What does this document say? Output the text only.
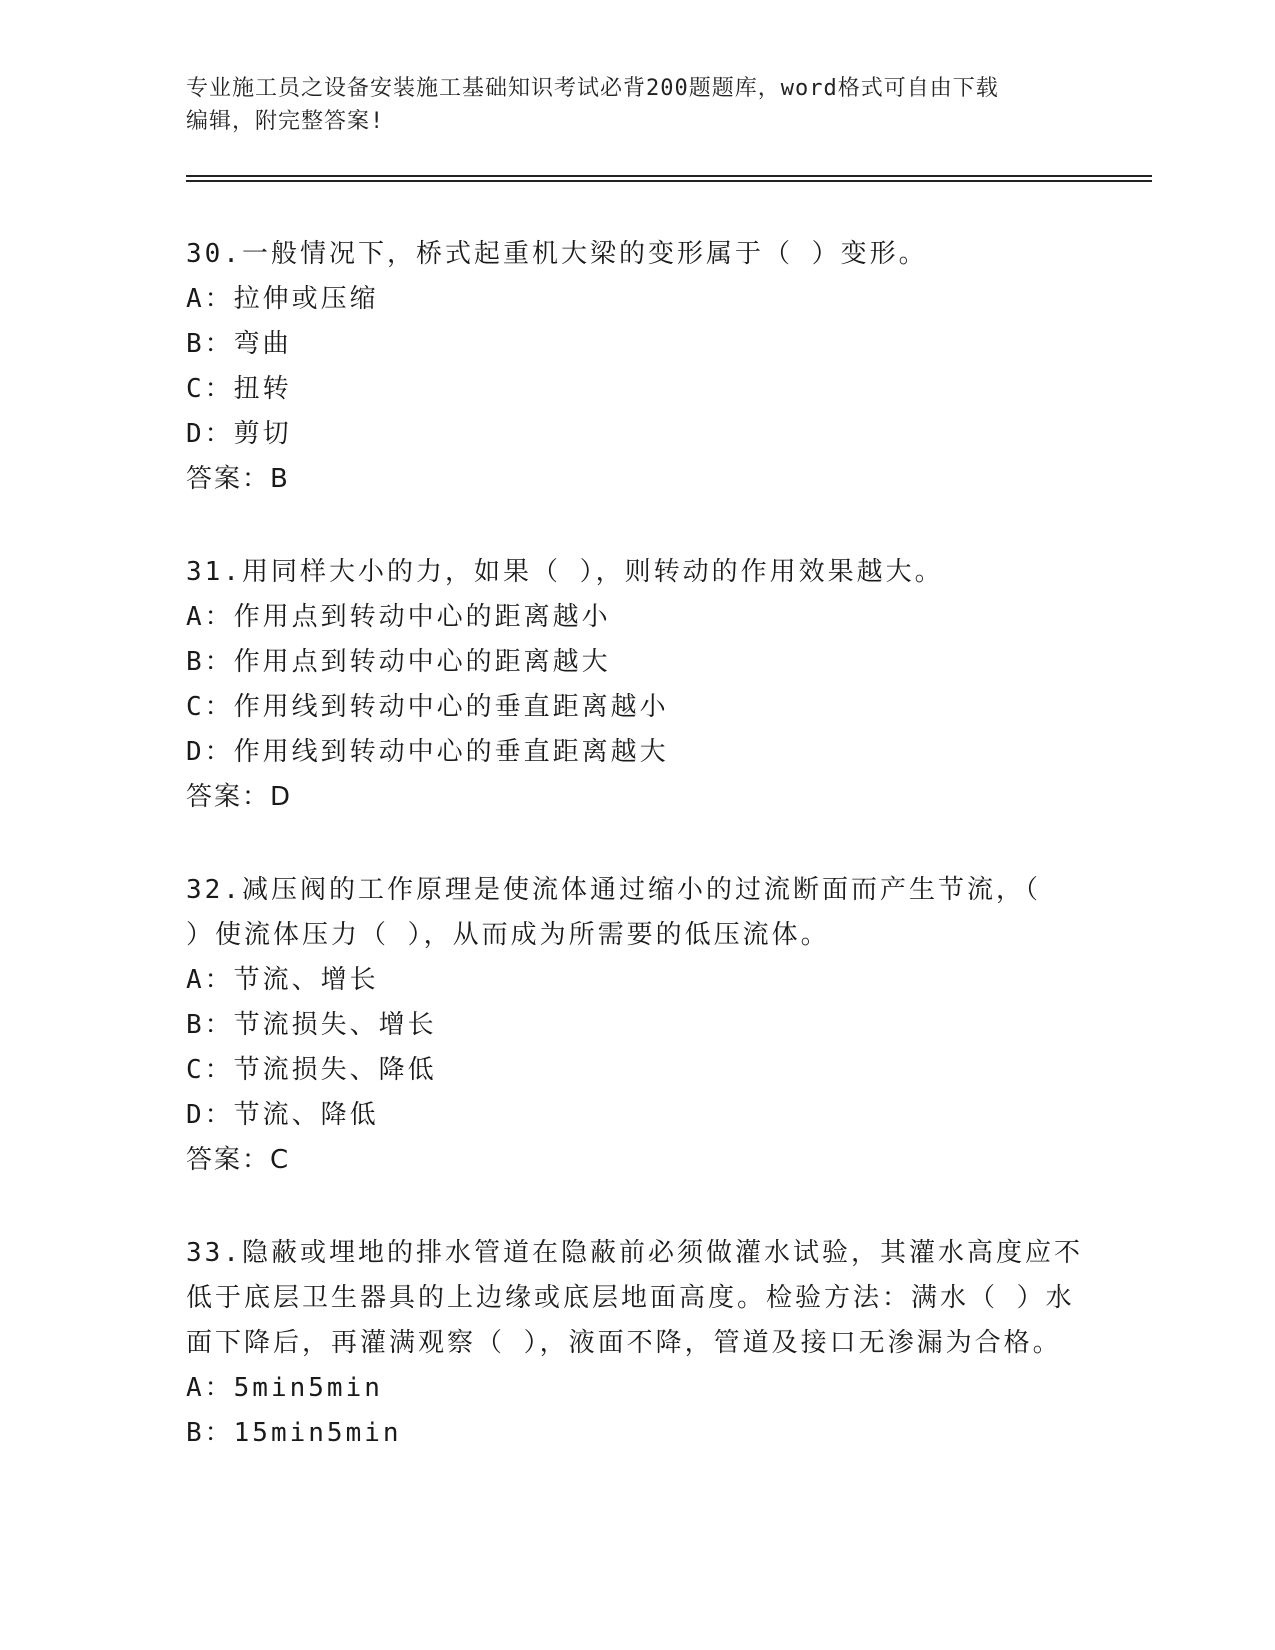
专业施工员之设备安装施工基础知识考试必背200题题库，word格式可自由下载
编辑，附完整答案!
30.一般情况下，桥式起重机大梁的变形属于（ ）变形。
A：拉伸或压缩
B：弯曲
C：扭转
D：剪切
答案：B
31.用同样大小的力，如果（ ），则转动的作用效果越大。
A：作用点到转动中心的距离越小
B：作用点到转动中心的距离越大
C：作用线到转动中心的垂直距离越小
D：作用线到转动中心的垂直距离越大
答案：D
32.减压阀的工作原理是使流体通过缩小的过流断面而产生节流，（
）使流体压力（ ），从而成为所需要的低压流体。
A：节流、增长
B：节流损失、增长
C：节流损失、降低
D：节流、降低
答案：C
33.隐蔽或埋地的排水管道在隐蔽前必须做灌水试验，其灌水高度应不
低于底层卫生器具的上边缘或底层地面高度。检验方法：满水（ ）水
面下降后，再灌满观察（ ），液面不降，管道及接口无渗漏为合格。
A：5min5min
B：15min5min
